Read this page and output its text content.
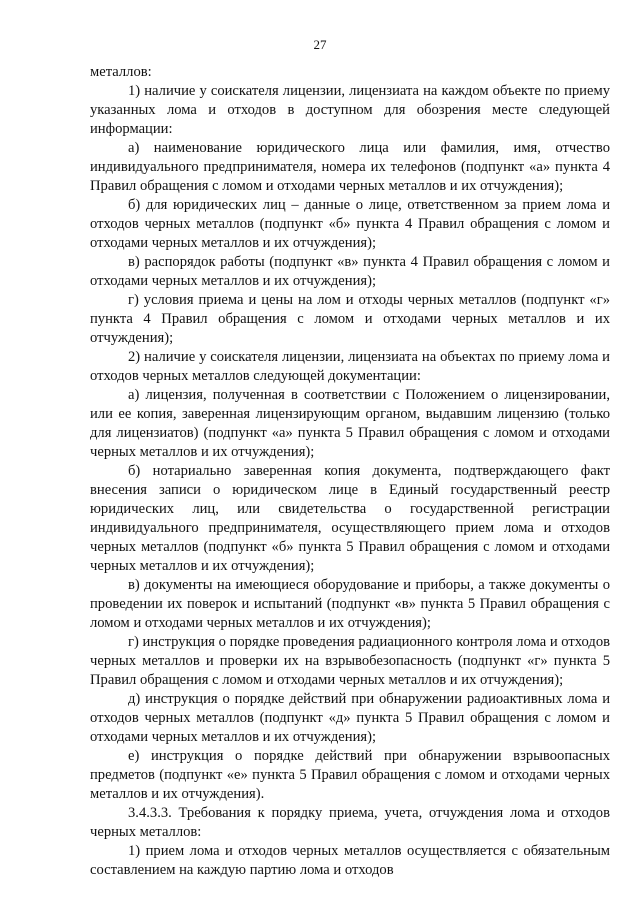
27

металлов:

1) наличие у соискателя лицензии, лицензиата на каждом объекте по приему указанных лома и отходов в доступном для обозрения месте следующей информации:

а) наименование юридического лица или фамилия, имя, отчество индивидуального предпринимателя, номера их телефонов (подпункт «а» пункта 4 Правил обращения с ломом и отходами черных металлов и их отчуждения);

б) для юридических лиц – данные о лице, ответственном за прием лома и отходов черных металлов (подпункт «б» пункта 4 Правил обращения с ломом и отходами черных металлов и их отчуждения);

в) распорядок работы (подпункт «в» пункта 4 Правил обращения с ломом и отходами черных металлов и их отчуждения);

г) условия приема и цены на лом и отходы черных металлов (подпункт «г» пункта 4 Правил обращения с ломом и отходами черных металлов и их отчуждения);

2) наличие у соискателя лицензии, лицензиата на объектах по приему лома и отходов черных металлов следующей документации:

а) лицензия, полученная в соответствии с Положением о лицензировании, или ее копия, заверенная лицензирующим органом, выдавшим лицензию (только для лицензиатов) (подпункт «а» пункта 5 Правил обращения с ломом и отходами черных металлов и их отчуждения);

б) нотариально заверенная копия документа, подтверждающего факт внесения записи о юридическом лице в Единый государственный реестр юридических лиц, или свидетельства о государственной регистрации индивидуального предпринимателя, осуществляющего прием лома и отходов черных металлов (подпункт «б» пункта 5 Правил обращения с ломом и отходами черных металлов и их отчуждения);

в) документы на имеющиеся оборудование и приборы, а также документы о проведении их поверок и испытаний (подпункт «в» пункта 5 Правил обращения с ломом и отходами черных металлов и их отчуждения);

г) инструкция о порядке проведения радиационного контроля лома и отходов черных металлов и проверки их на взрывобезопасность (подпункт «г» пункта 5 Правил обращения с ломом и отходами черных металлов и их отчуждения);

д) инструкция о порядке действий при обнаружении радиоактивных лома и отходов черных металлов (подпункт «д» пункта 5 Правил обращения с ломом и отходами черных металлов и их отчуждения);

е) инструкция о порядке действий при обнаружении взрывоопасных предметов (подпункт «е» пункта 5 Правил обращения с ломом и отходами черных металлов и их отчуждения).

3.4.3.3. Требования к порядку приема, учета, отчуждения лома и отходов черных металлов:

1) прием лома и отходов черных металлов осуществляется с обязательным составлением на каждую партию лома и отходов
